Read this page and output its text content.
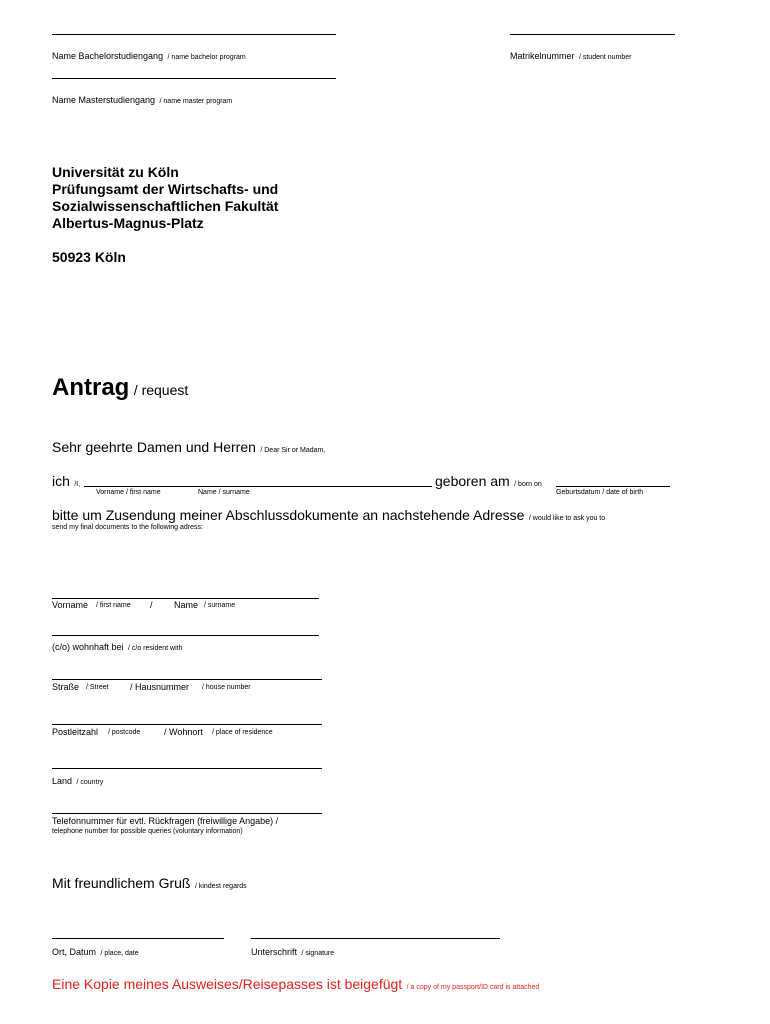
Name Bachelorstudiengang / name bachelor program	Matrikelnummer / student number
Name Masterstudiengang / name master program
Universität zu Köln
Prüfungsamt der Wirtschafts- und
Sozialwissenschaftlichen Fakultät
Albertus-Magnus-Platz
50923 Köln
Antrag / request
Sehr geehrte Damen und Herren / Dear Sir or Madam,
ich /I,	geboren am / born on
Vorname / first name	Name / surname	Geburtsdatum / date of birth
bitte um Zusendung meiner Abschlussdokumente an nachstehende Adresse / would like to ask you to
send my final documents to the following adress:
Vorname / first name / Name / surname
(c/o) wohnhaft bei / c/o resident with
Straße / Street / Hausnummer / house number
Postleitzahl / postcode	/ Wohnort / place of residence
Land / country
Telefonnummer für evtl. Rückfragen (freiwillige Angabe) /
telephone number for possible queries (voluntary information)
Mit freundlichem Gruß / kindest regards
Ort, Datum / place, date	Unterschrift / signature
Eine Kopie meines Ausweises/Reisepasses ist beigefügt / a copy of my passport/ID card is attached
